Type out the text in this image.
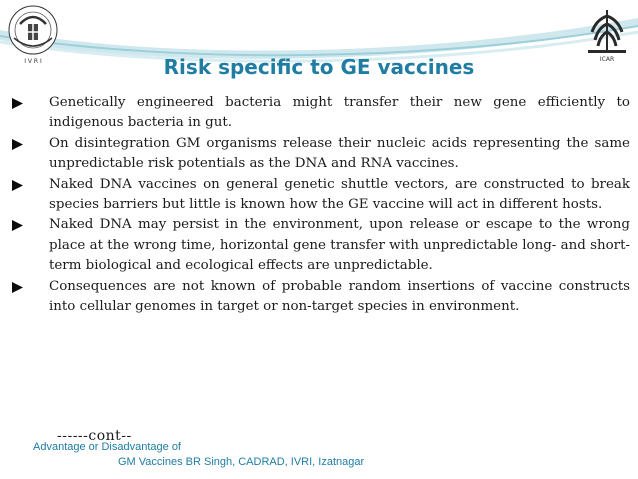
I V R I	ICAR
Risk specific to GE vaccines
Genetically engineered bacteria might transfer their new gene efficiently to indigenous bacteria in gut.
On disintegration GM organisms release their nucleic acids representing the same unpredictable risk potentials as the DNA and RNA vaccines.
Naked DNA vaccines on general genetic shuttle vectors, are constructed to break species barriers but little is known how the GE vaccine will act in different hosts.
Naked DNA may persist in the environment, upon release or escape to the wrong place at the wrong time, horizontal gene transfer with unpredictable long- and short-term biological and ecological effects are unpredictable.
Consequences are not known of probable random insertions of vaccine constructs into cellular genomes in target or non-target species in environment.
------cont--
Advantage or Disadvantage of
GM Vaccines BR Singh, CADRAD, IVRI, Izatnagar
